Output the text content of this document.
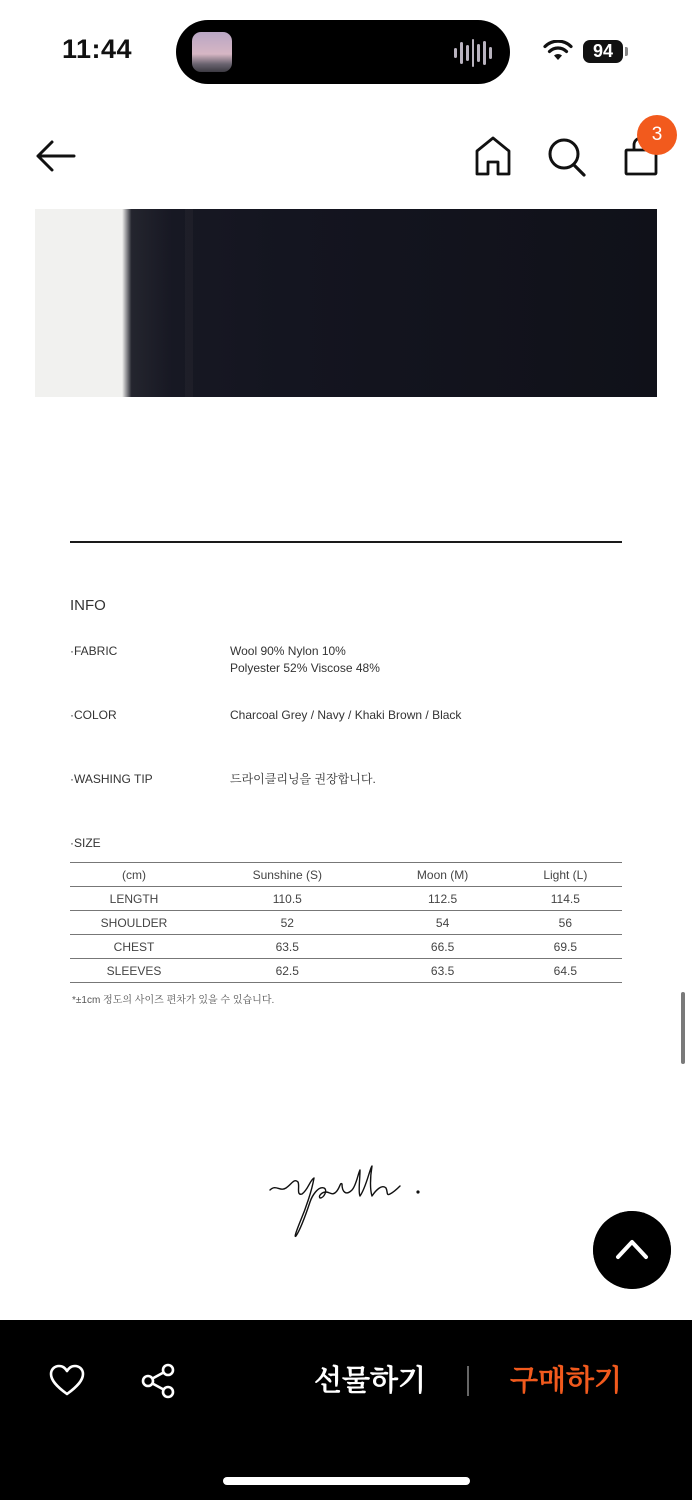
11:44	94
3
INFO
·FABRIC	Wool 90% Nylon 10%
Polyester 52% Viscose 48%
·COLOR	Charcoal Grey / Navy / Khaki Brown / Black
·WASHING TIP	드라이클리닝을 권장합니다.
·SIZE
(cm)	Sunshine (S)	Moon (M)	Light (L)
LENGTH	110.5	112.5	114.5
SHOULDER	52	54	56
CHEST	63.5	66.5	69.5
SLEEVES	62.5	63.5	64.5
*±1cm 정도의 사이즈 편차가 있을 수 있습니다.
선물하기	구매하기
